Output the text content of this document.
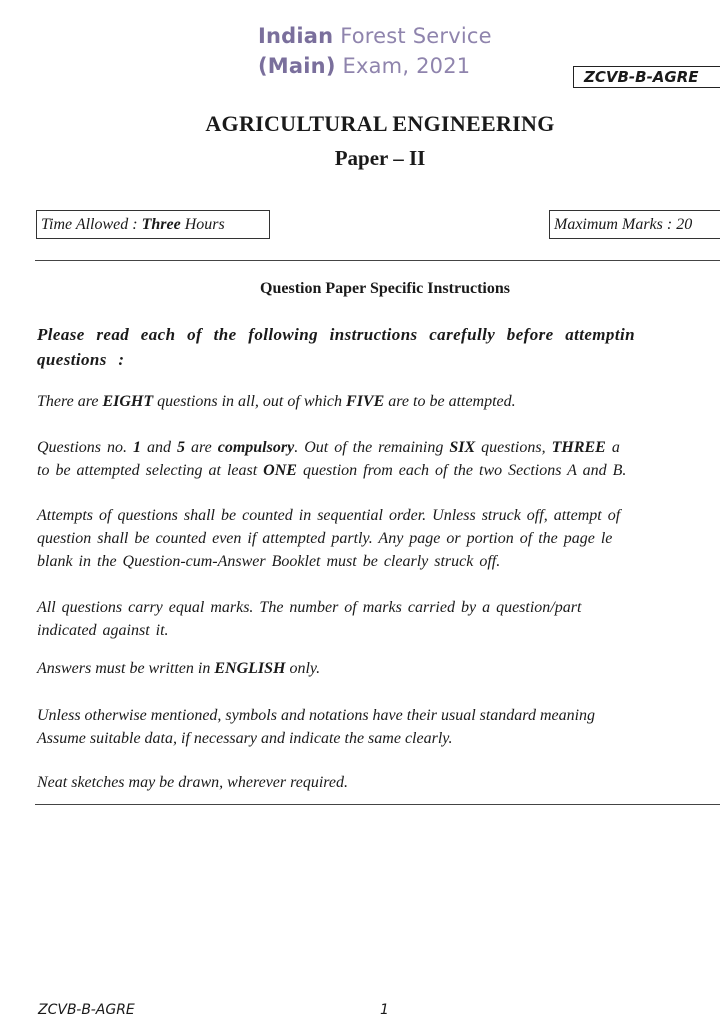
Indian Forest Service
(Main) Exam, 2021	ZCVB-B-AGRE
AGRICULTURAL ENGINEERING
Paper – II
Time Allowed : Three Hours	Maximum Marks : 20
Question Paper Specific Instructions
Please read each of the following instructions carefully before attemptin
questions :
There are EIGHT questions in all, out of which FIVE are to be attempted.
Questions no. 1 and 5 are compulsory. Out of the remaining SIX questions, THREE a
to be attempted selecting at least ONE question from each of the two Sections A and B.
Attempts of questions shall be counted in sequential order. Unless struck off, attempt of
question shall be counted even if attempted partly. Any page or portion of the page le
blank in the Question-cum-Answer Booklet must be clearly struck off.
All questions carry equal marks. The number of marks carried by a question/part
indicated against it.
Answers must be written in ENGLISH only.
Unless otherwise mentioned, symbols and notations have their usual standard meaning
Assume suitable data, if necessary and indicate the same clearly.
Neat sketches may be drawn, wherever required.
ZCVB-B-AGRE	1
